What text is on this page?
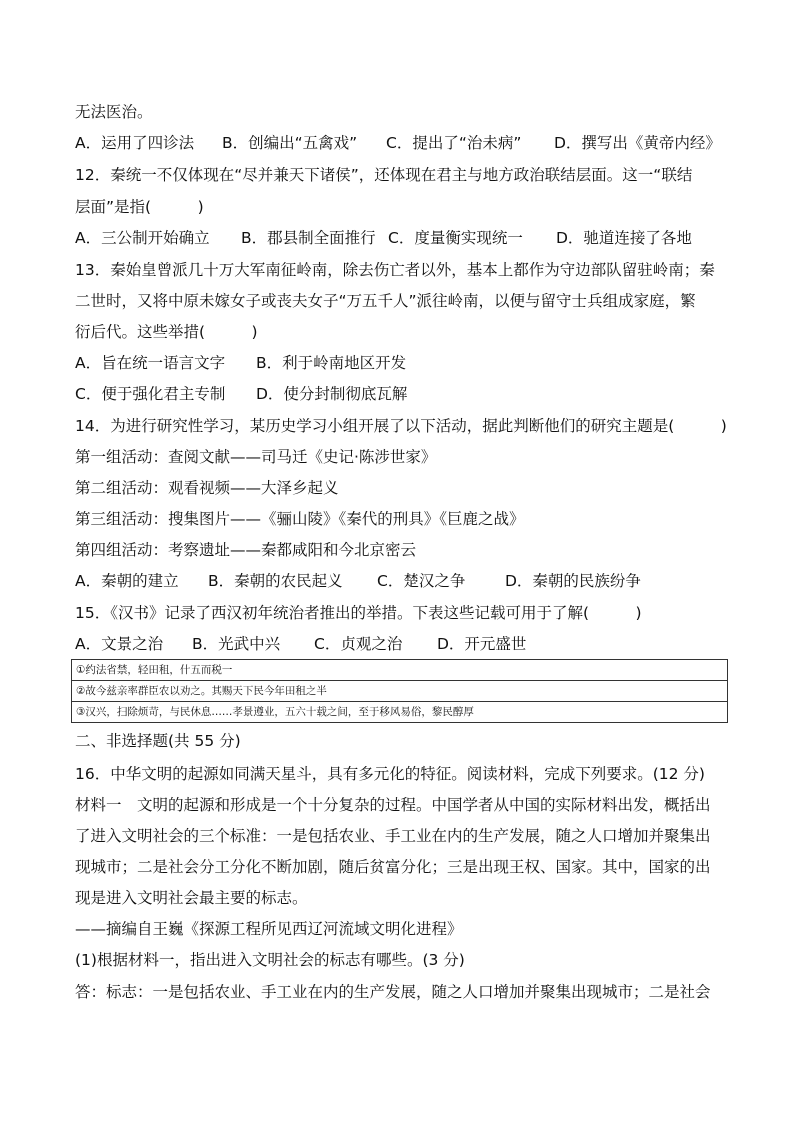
无法医治。
A．运用了四诊法 B．创编出“五禽戏” C．提出了“治未病” D．撰写出《黄帝内经》
12．秦统一不仅体现在“尽并兼天下诸侯”，还体现在君主与地方政治联结层面。这一“联结
层面”是指(　　　)
A．三公制开始确立 B．郡县制全面推行 C．度量衡实现统一 D．驰道连接了各地
13．秦始皇曾派几十万大军南征岭南，除去伤亡者以外，基本上都作为守边部队留驻岭南；秦
二世时，又将中原未嫁女子或丧夫女子“万五千人”派往岭南，以便与留守士兵组成家庭，繁
衍后代。这些举措(　　　)
A．旨在统一语言文字 B．利于岭南地区开发
C．便于强化君主专制 D．使分封制彻底瓦解
14．为进行研究性学习，某历史学习小组开展了以下活动，据此判断他们的研究主题是(　　　)
第一组活动：查阅文献——司马迁《史记·陈涉世家》
第二组活动：观看视频——大泽乡起义
第三组活动：搜集图片——《骊山陵》《秦代的刑具》《巨鹿之战》
第四组活动：考察遗址——秦都咸阳和今北京密云
A．秦朝的建立 B．秦朝的农民起义 C．楚汉之争	D．秦朝的民族纷争
15．《汉书》记录了西汉初年统治者推出的举措。下表这些记载可用于了解(　　　)
A．文景之治 B．光武中兴 C．贞观之治 D．开元盛世
①约法省禁，轻田租，什五而税一
②故今兹亲率群臣农以劝之。其赐天下民今年田租之半
③汉兴，扫除烦苛，与民休息……孝景遵业，五六十载之间，至于移风易俗，黎民醇厚
二、非选择题(共 55 分)
16．中华文明的起源如同满天星斗，具有多元化的特征。阅读材料，完成下列要求。(12 分)
材料一　文明的起源和形成是一个十分复杂的过程。中国学者从中国的实际材料出发，概括出
了进入文明社会的三个标准：一是包括农业、手工业在内的生产发展，随之人口增加并聚集出
现城市；二是社会分工分化不断加剧，随后贫富分化；三是出现王权、国家。其中，国家的出
现是进入文明社会最主要的标志。
——摘编自王巍《探源工程所见西辽河流域文明化进程》
(1)根据材料一，指出进入文明社会的标志有哪些。(3 分)
答：标志：一是包括农业、手工业在内的生产发展，随之人口增加并聚集出现城市；二是社会
